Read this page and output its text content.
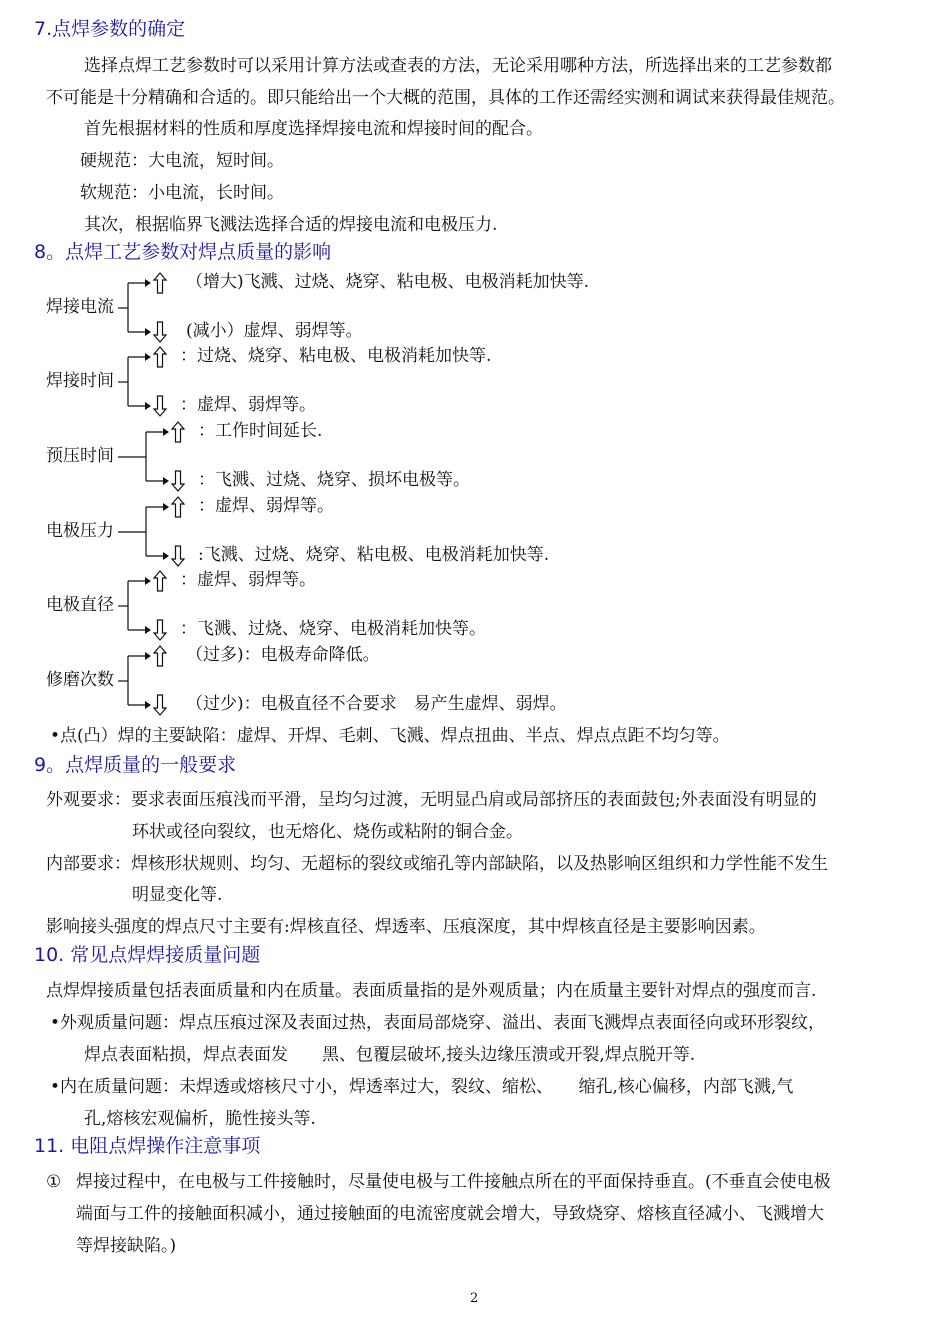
7.点焊参数的确定
选择点焊工艺参数时可以采用计算方法或查表的方法，无论采用哪种方法，所选择出来的工艺参数都
不可能是十分精确和合适的。即只能给出一个大概的范围，具体的工作还需经实测和调试来获得最佳规范。
首先根据材料的性质和厚度选择焊接电流和焊接时间的配合。
硬规范：大电流，短时间。
软规范：小电流，长时间。
其次，根据临界飞溅法选择合适的焊接电流和电极压力.
8。点焊工艺参数对焊点质量的影响
焊接电流
（增大)飞溅、过烧、烧穿、粘电极、电极消耗加快等.
(减小）虚焊、弱焊等。
焊接时间
：过烧、烧穿、粘电极、电极消耗加快等.
：虚焊、弱焊等。
预压时间
：工作时间延长.
：飞溅、过烧、烧穿、损坏电极等。
电极压力
：虚焊、弱焊等。
:飞溅、过烧、烧穿、粘电极、电极消耗加快等.
电极直径
：虚焊、弱焊等。
：飞溅、过烧、烧穿、电极消耗加快等。
修磨次数
（过多)：电极寿命降低。
（过少)：电极直径不合要求　易产生虚焊、弱焊。
•点(凸）焊的主要缺陷：虚焊、开焊、毛刺、飞溅、焊点扭曲、半点、焊点点距不均匀等。
9。点焊质量的一般要求
外观要求：要求表面压痕浅而平滑，呈均匀过渡，无明显凸肩或局部挤压的表面鼓包;外表面没有明显的
环状或径向裂纹，也无熔化、烧伤或粘附的铜合金。
内部要求：焊核形状规则、均匀、无超标的裂纹或缩孔等内部缺陷，以及热影响区组织和力学性能不发生
明显变化等.
影响接头强度的焊点尺寸主要有:焊核直径、焊透率、压痕深度，其中焊核直径是主要影响因素。
10. 常见点焊焊接质量问题
点焊焊接质量包括表面质量和内在质量。表面质量指的是外观质量；内在质量主要针对焊点的强度而言.
•外观质量问题：焊点压痕过深及表面过热，表面局部烧穿、溢出、表面飞溅焊点表面径向或环形裂纹，
焊点表面粘损，焊点表面发　　黑、包覆层破坏,接头边缘压溃或开裂,焊点脱开等.
•内在质量问题：未焊透或熔核尺寸小，焊透率过大，裂纹、缩松、　　缩孔,核心偏移，内部飞溅,气
孔,熔核宏观偏析，脆性接头等.
11. 电阻点焊操作注意事项
① 焊接过程中，在电极与工件接触时，尽量使电极与工件接触点所在的平面保持垂直。(不垂直会使电极
端面与工件的接触面积减小，通过接触面的电流密度就会增大，导致烧穿、熔核直径减小、飞溅增大
等焊接缺陷。)
2
